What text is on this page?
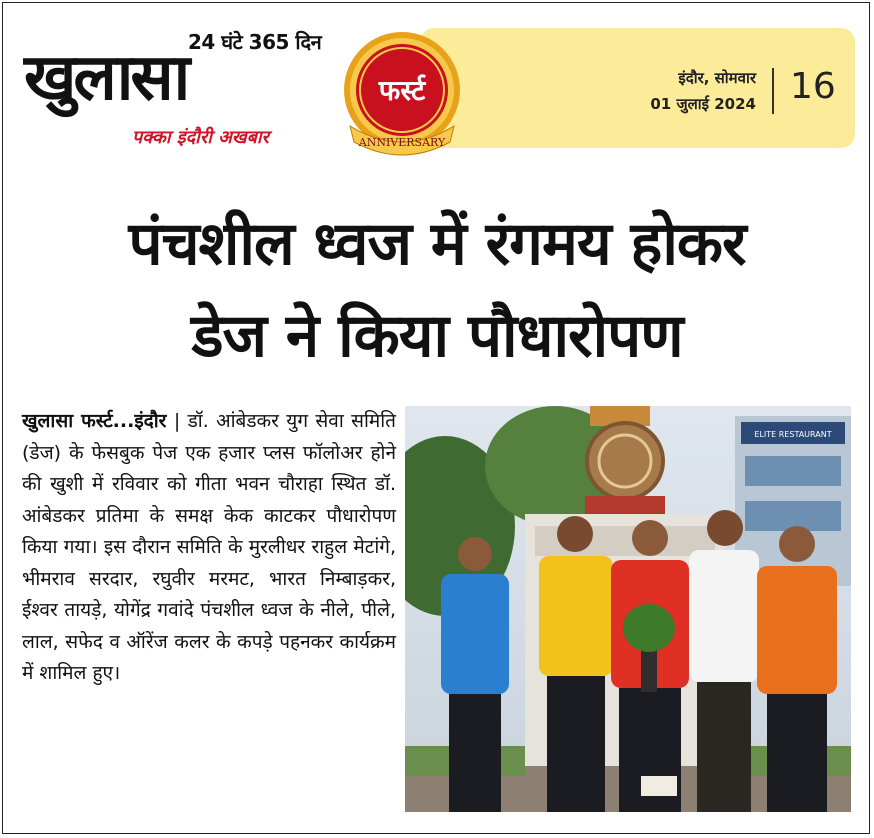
24 घंटे 365 दिन
खुलासा
पक्का इंदौरी अखबार
फर्स्ट
ANNIVERSARY
इंदौर, सोमवार
01 जुलाई 2024 16
पंचशील ध्वज में रंगमय होकर
डेज ने किया पौधारोपण

खुलासा फर्स्ट...इंदौर | डॉ. आंबेडकर युग सेवा समिति (डेज) के फेसबुक पेज एक हजार प्लस फॉलोअर होने की खुशी में रविवार को गीता भवन चौराहा स्थित डॉ. आंबेडकर प्रतिमा के समक्ष केक काटकर पौधारोपण किया गया। इस दौरान समिति के मुरलीधर राहुल मेटांगे, भीमराव सरदार, रघुवीर मरमट, भारत निम्बाड़कर, ईश्वर तायड़े, योगेंद्र गवांदे पंचशील ध्वज के नीले, पीले, लाल, सफेद व ऑरेंज कलर के कपड़े पहनकर कार्यक्रम में शामिल हुए।

ELITE RESTAURANT
